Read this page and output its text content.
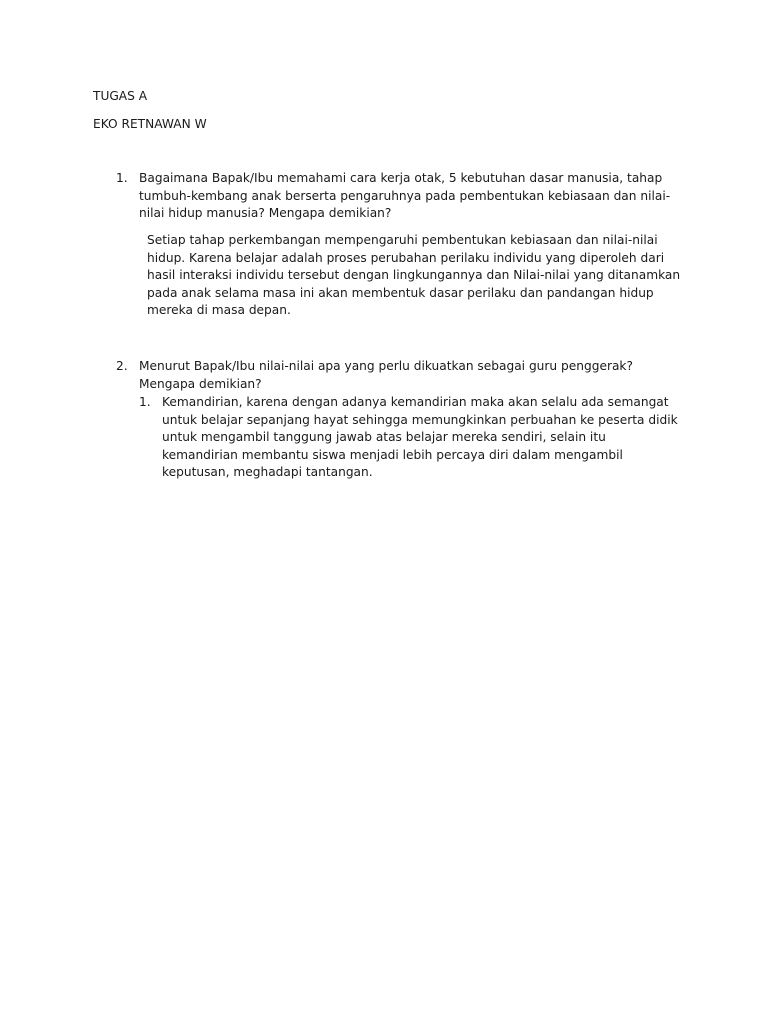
TUGAS A
EKO RETNAWAN W
1. Bagaimana Bapak/Ibu memahami cara kerja otak, 5 kebutuhan dasar manusia, tahap tumbuh-kembang anak berserta pengaruhnya pada pembentukan kebiasaan dan nilai-nilai hidup manusia? Mengapa demikian?
Setiap tahap perkembangan mempengaruhi pembentukan kebiasaan dan nilai-nilai hidup. Karena belajar adalah proses perubahan perilaku individu yang diperoleh dari hasil interaksi individu tersebut dengan lingkungannya dan Nilai-nilai yang ditanamkan pada anak selama masa ini akan membentuk dasar perilaku dan pandangan hidup mereka di masa depan.
2. Menurut Bapak/Ibu nilai-nilai apa yang perlu dikuatkan sebagai guru penggerak? Mengapa demikian?
1. Kemandirian, karena dengan adanya kemandirian maka akan selalu ada semangat untuk belajar sepanjang hayat sehingga memungkinkan perbuahan ke peserta didik untuk mengambil tanggung jawab atas belajar mereka sendiri, selain itu kemandirian membantu siswa menjadi lebih percaya diri dalam mengambil keputusan, meghadapi tantangan.
